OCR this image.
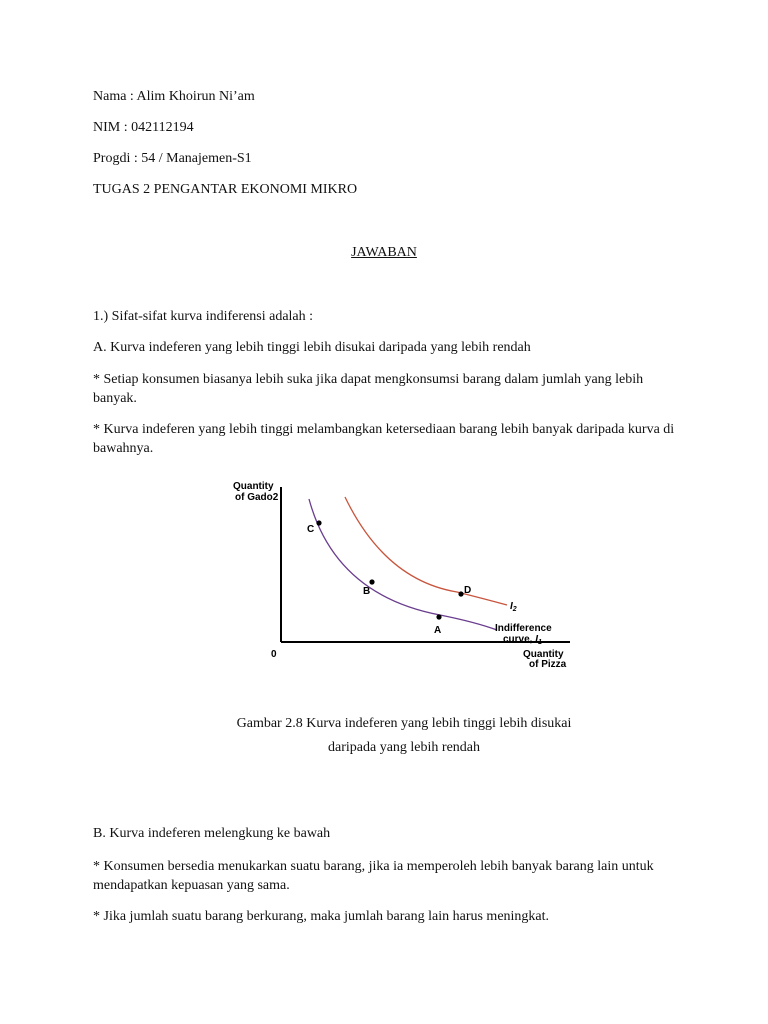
Nama : Alim Khoirun Ni’am
NIM : 042112194
Progdi : 54 / Manajemen-S1
TUGAS 2 PENGANTAR EKONOMI MIKRO
JAWABAN
1.) Sifat-sifat kurva indiferensi adalah :
A. Kurva indeferen yang lebih tinggi lebih disukai daripada yang lebih rendah
* Setiap konsumen biasanya lebih suka jika dapat mengkonsumsi barang dalam jumlah yang lebih banyak.
* Kurva indeferen yang lebih tinggi melambangkan ketersediaan barang lebih banyak daripada kurva di bawahnya.
Quantity
of Gado2
0	Quantity
of Pizza
C
B
A
D
$I_2$
Indifference
curve, $I_1$
Gambar 2.8 Kurva indeferen yang lebih tinggi lebih disukai
daripada yang lebih rendah
B. Kurva indeferen melengkung ke bawah
* Konsumen bersedia menukarkan suatu barang, jika ia memperoleh lebih banyak barang lain untuk mendapatkan kepuasan yang sama.
* Jika jumlah suatu barang berkurang, maka jumlah barang lain harus meningkat.
